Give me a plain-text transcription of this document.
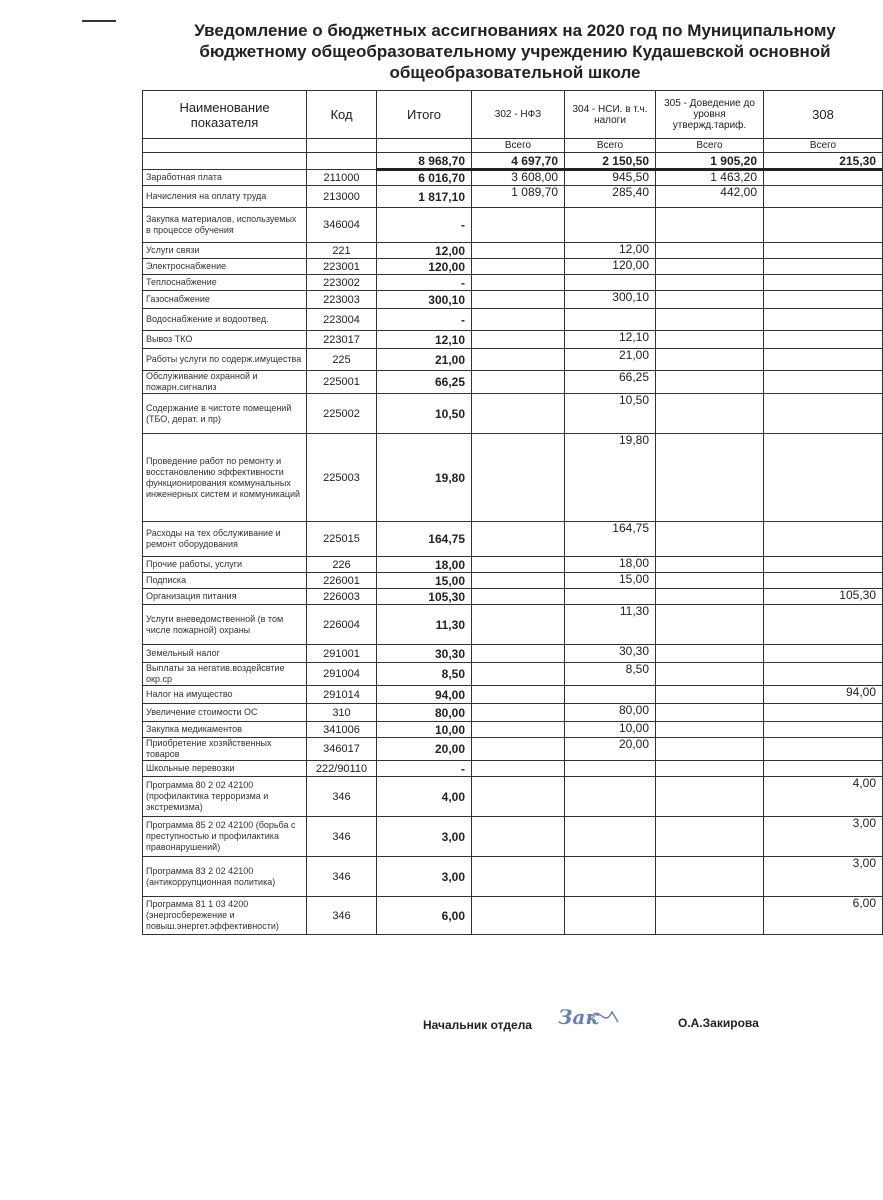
Уведомление о бюджетных ассигнованиях на 2020 год по Муниципальному бюджетному общеобразовательному учреждению Кудашевской основной общеобразовательной школе
Наименование показателя	Код	Итого	302 - НФЗ	304 - НСИ. в т.ч. налоги	305 - Доведение до уровня утвержд.тариф.	308
			Всего	Всего	Всего	Всего
		8 968,70	4 697,70	2 150,50	1 905,20	215,30
Заработная плата	211000	6 016,70	3 608,00	945,50	1 463,20	
Начисления на оплату труда	213000	1 817,10	1 089,70	285,40	442,00	
Закупка материалов, используемых в процессе обучения	346004	-				
Услуги связи	221	12,00		12,00		
Электроснабжение	223001	120,00		120,00		
Теплоснабжение	223002	-				
Газоснабжение	223003	300,10		300,10		
Водоснабжение и водоотвед.	223004	-				
Вывоз ТКО	223017	12,10		12,10		
Работы услуги по содерж.имущества	225	21,00		21,00		
Обслуживание охранной и пожарн.сигнализ	225001	66,25		66,25		
Содержание в чистоте помещений (ТБО, дерат. и пр)	225002	10,50		10,50		
Проведение работ по ремонту и восстановлению эффективности функционирования коммунальных инженерных систем и коммуникаций	225003	19,80		19,80		
Расходы на тех обслуживание и ремонт оборудования	225015	164,75		164,75		
Прочие работы, услуги	226	18,00		18,00		
Подписка	226001	15,00		15,00		
Организация питания	226003	105,30				105,30
Услуги вневедомственной (в том числе пожарной) охраны	226004	11,30		11,30		
Земельный налог	291001	30,30		30,30		
Выплаты за негатив.воздейсвтие окр.ср	291004	8,50		8,50		
Налог на имущество	291014	94,00				94,00
Увеличение стоимости ОС	310	80,00		80,00		
Закупка медикаментов	341006	10,00		10,00		
Приобретение хозяйственных товаров	346017	20,00		20,00		
Школьные перевозки	222/90110	-				
Программа 80 2 02 42100 (профилактика терроризма и экстремизма)	346	4,00				4,00
Программа 85 2 02 42100 (борьба с преступностью и профилактика правонарушений)	346	3,00				3,00
Программа 83 2 02 42100 (антикоррупционная политика)	346	3,00				3,00
Программа 81 1 03 4200 (энергосбережение и повыш.энергет.эффективности)	346	6,00				6,00
Начальник отдела Зак	О.А.Закирова
